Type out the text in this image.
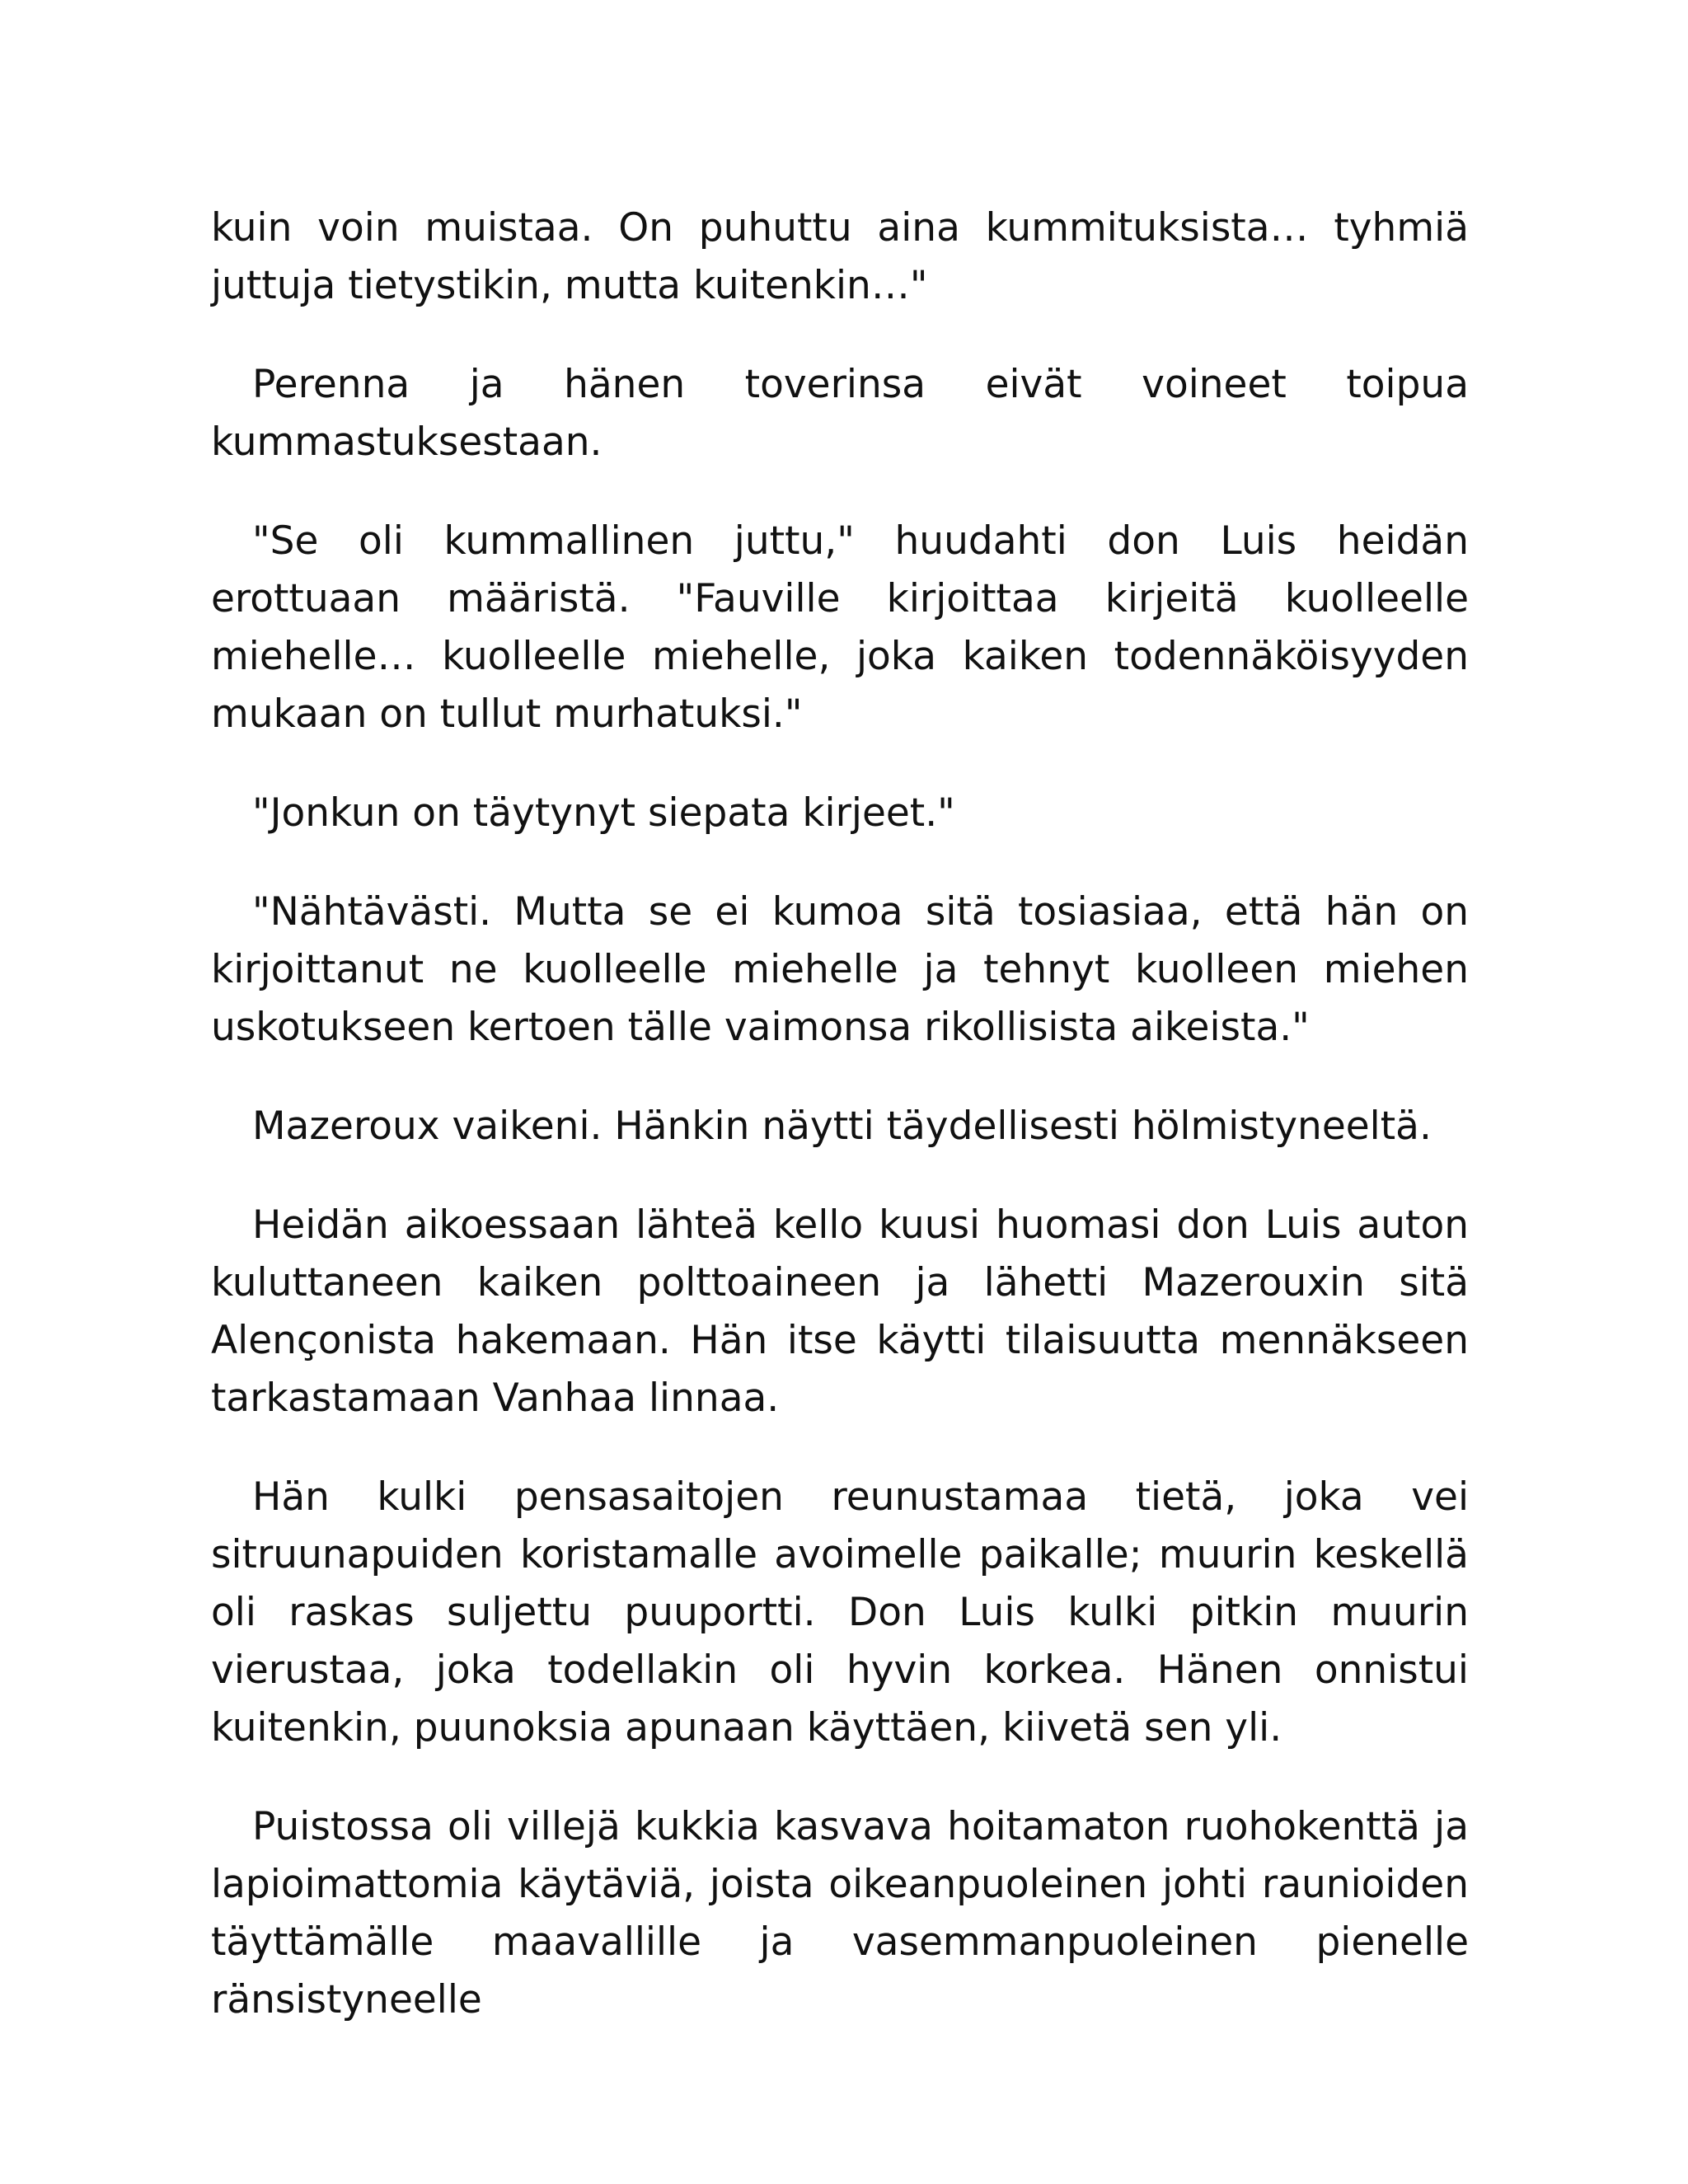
kuin voin muistaa. On puhuttu aina kummituksista… tyhmiä juttuja tietystikin, mutta kuitenkin…"

Perenna ja hänen toverinsa eivät voineet toipua kummastuksestaan.

"Se oli kummallinen juttu," huudahti don Luis heidän erottuaan määristä. "Fauville kirjoittaa kirjeitä kuolleelle miehelle… kuolleelle miehelle, joka kaiken todennäköisyyden mukaan on tullut murhatuksi."

"Jonkun on täytynyt siepata kirjeet."

"Nähtävästi. Mutta se ei kumoa sitä tosiasiaa, että hän on kirjoittanut ne kuolleelle miehelle ja tehnyt kuolleen miehen uskotukseen kertoen tälle vaimonsa rikollisista aikeista."

Mazeroux vaikeni. Hänkin näytti täydellisesti hölmistyneeltä.

Heidän aikoessaan lähteä kello kuusi huomasi don Luis auton kuluttaneen kaiken polttoaineen ja lähetti Mazerouxin sitä Alençonista hakemaan. Hän itse käytti tilaisuutta mennäkseen tarkastamaan Vanhaa linnaa.

Hän kulki pensasaitojen reunustamaa tietä, joka vei sitruunapuiden koristamalle avoimelle paikalle; muurin keskellä oli raskas suljettu puuportti. Don Luis kulki pitkin muurin vierustaa, joka todellakin oli hyvin korkea. Hänen onnistui kuitenkin, puunoksia apunaan käyttäen, kiivetä sen yli.

Puistossa oli villejä kukkia kasvava hoitamaton ruohokenttä ja lapioimattomia käytäviä, joista oikeanpuoleinen johti raunioiden täyttämälle maavallille ja vasemmanpuoleinen pienelle ränsistyneelle
